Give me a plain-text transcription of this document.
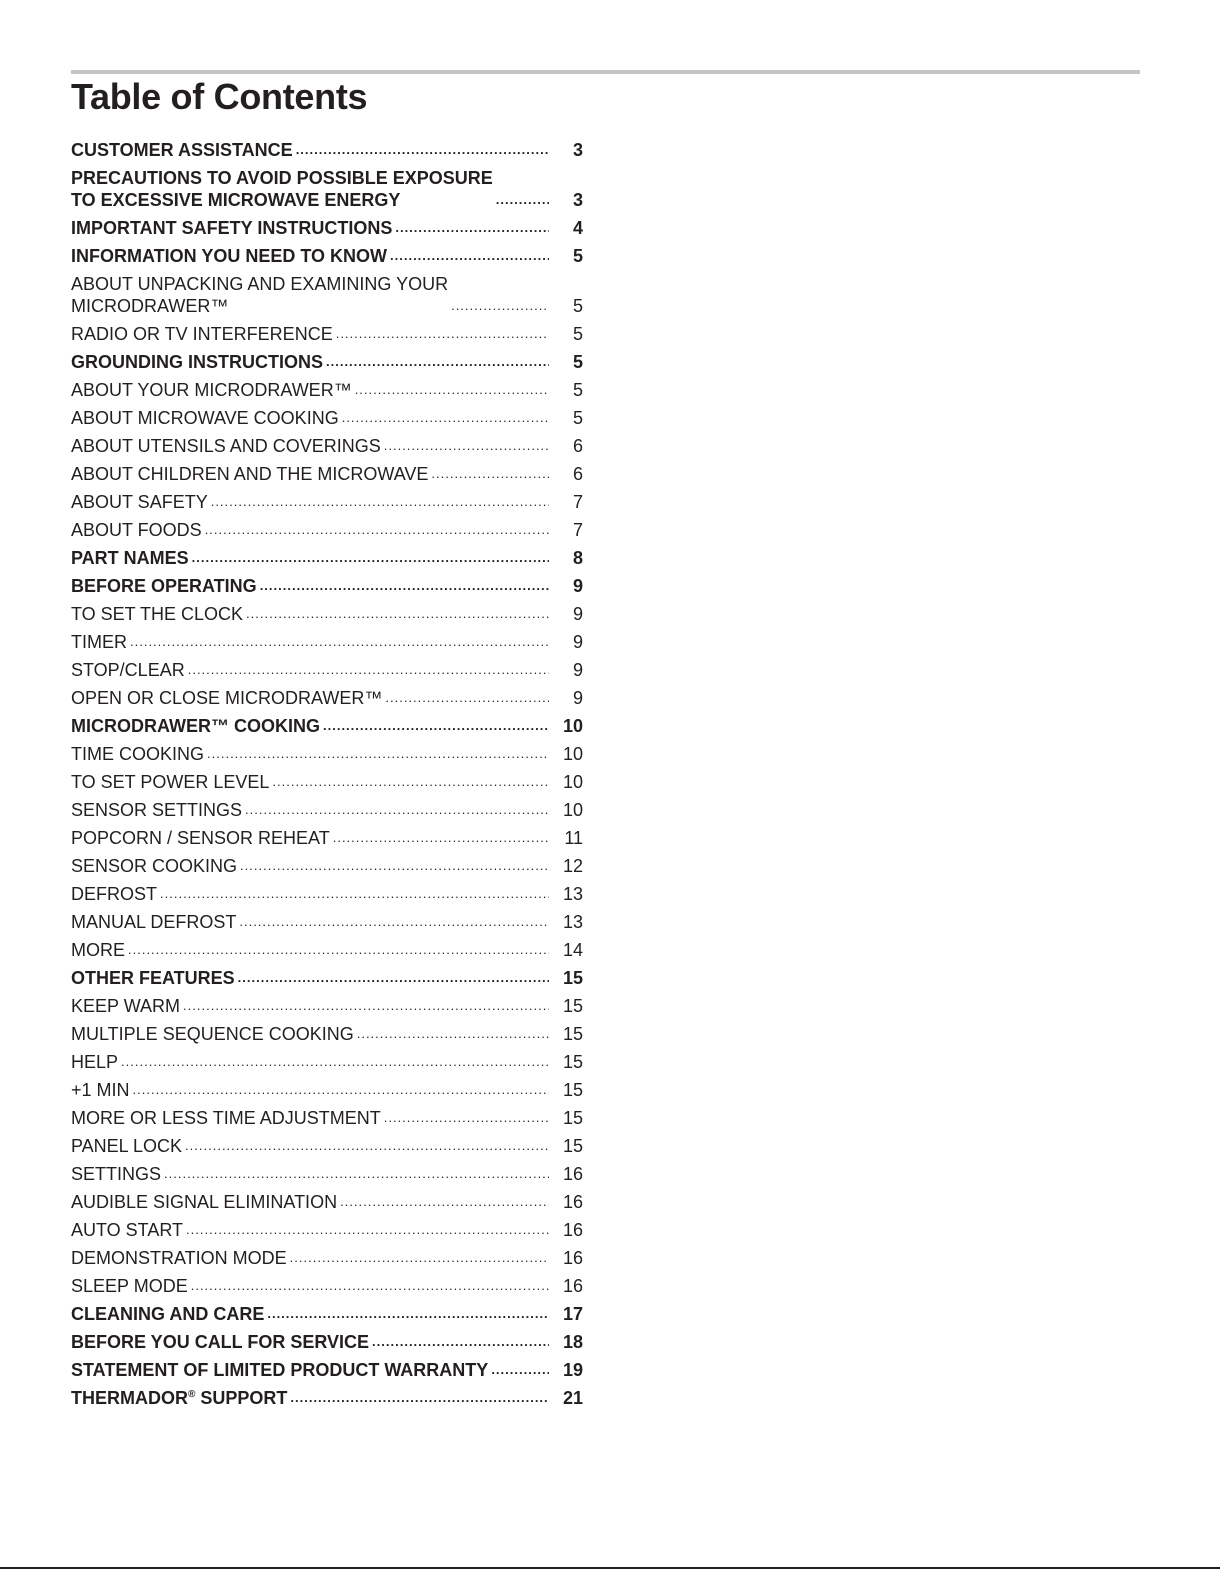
Table of Contents
CUSTOMER ASSISTANCE .....	3
PRECAUTIONS TO AVOID POSSIBLE EXPOSURE
TO EXCESSIVE MICROWAVE ENERGY .....	3
IMPORTANT SAFETY INSTRUCTIONS .....	4
INFORMATION YOU NEED TO KNOW .....	5
ABOUT UNPACKING AND EXAMINING YOUR
MICRODRAWER™ .....	5
RADIO OR TV INTERFERENCE .....	5
GROUNDING INSTRUCTIONS .....	5
ABOUT YOUR MICRODRAWER™ .....	5
ABOUT MICROWAVE COOKING .....	5
ABOUT UTENSILS AND COVERINGS .....	6
ABOUT CHILDREN AND THE MICROWAVE .....	6
ABOUT SAFETY .....	7
ABOUT FOODS .....	7
PART NAMES .....	8
BEFORE OPERATING .....	9
TO SET THE CLOCK .....	9
TIMER .....	9
STOP/CLEAR .....	9
OPEN OR CLOSE MICRODRAWER™ .....	9
MICRODRAWER™ COOKING .....	10
TIME COOKING .....	10
TO SET POWER LEVEL .....	10
SENSOR SETTINGS .....	10
POPCORN / SENSOR REHEAT .....	11
SENSOR COOKING .....	12
DEFROST .....	13
MANUAL DEFROST .....	13
MORE .....	14
OTHER FEATURES .....	15
KEEP WARM .....	15
MULTIPLE SEQUENCE COOKING .....	15
HELP .....	15
+1 MIN .....	15
MORE OR LESS TIME ADJUSTMENT .....	15
PANEL LOCK .....	15
SETTINGS .....	16
AUDIBLE SIGNAL ELIMINATION .....	16
AUTO START .....	16
DEMONSTRATION MODE .....	16
SLEEP MODE .....	16
CLEANING AND CARE .....	17
BEFORE YOU CALL FOR SERVICE .....	18
STATEMENT OF LIMITED PRODUCT WARRANTY .....	19
THERMADOR® SUPPORT .....	21
